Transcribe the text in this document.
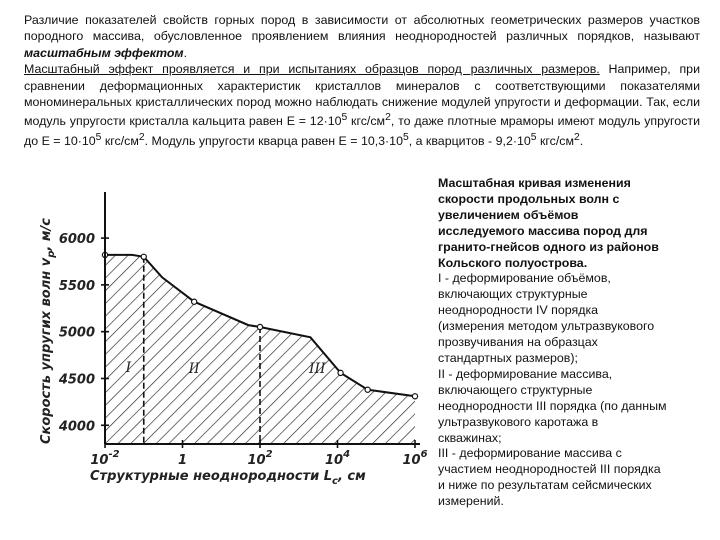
Различие показателей свойств горных пород в зависимости от абсолютных геометрических размеров участков породного массива, обусловленное проявлением влияния неоднородностей различных порядков, называют масштабным эффектом.

Масштабный эффект проявляется и при испытаниях образцов пород различных размеров. Например, при сравнении деформационных характеристик кристаллов минералов с соответствующими показателями мономинеральных кристаллических пород можно наблюдать снижение модулей упругости и деформации. Так, если модуль упругости кристалла кальцита равен $Е = 12\cdot 10^5$ кгс/$см^2$, то даже плотные мраморы имеют модуль упругости до $Е = 10\cdot 10^5$ кгс/$см^2$. Модуль упругости кварца равен $Е = 10,3\cdot 10^5$, а кварцитов - $9,2\cdot 10^5$ кгс/$см^2$.

4000
4500
5000
5500
6000
$10^{-2}$	1	$10^2$	$10^4$	$10^6$
I	II	III
Скорость упругих волн $v_p$, м/с
Структурные неоднородности $L_c$, см
Масштабная кривая изменения
скорости продольных волн с
увеличением объёмов
исследуемого массива пород для
гранито-гнейсов одного из районов
Кольского полуострова.
I - деформирование объёмов,
включающих структурные
неоднородности IV порядка
(измерения методом ультразвукового
прозвучивания на образцах
стандартных размеров);
II - деформирование массива,
включающего структурные
неоднородности III порядка (по данным
ультразвукового каротажа в
скважинах;
III - деформирование массива с
участием неоднородностей III порядка
и ниже по результатам сейсмических
измерений.
